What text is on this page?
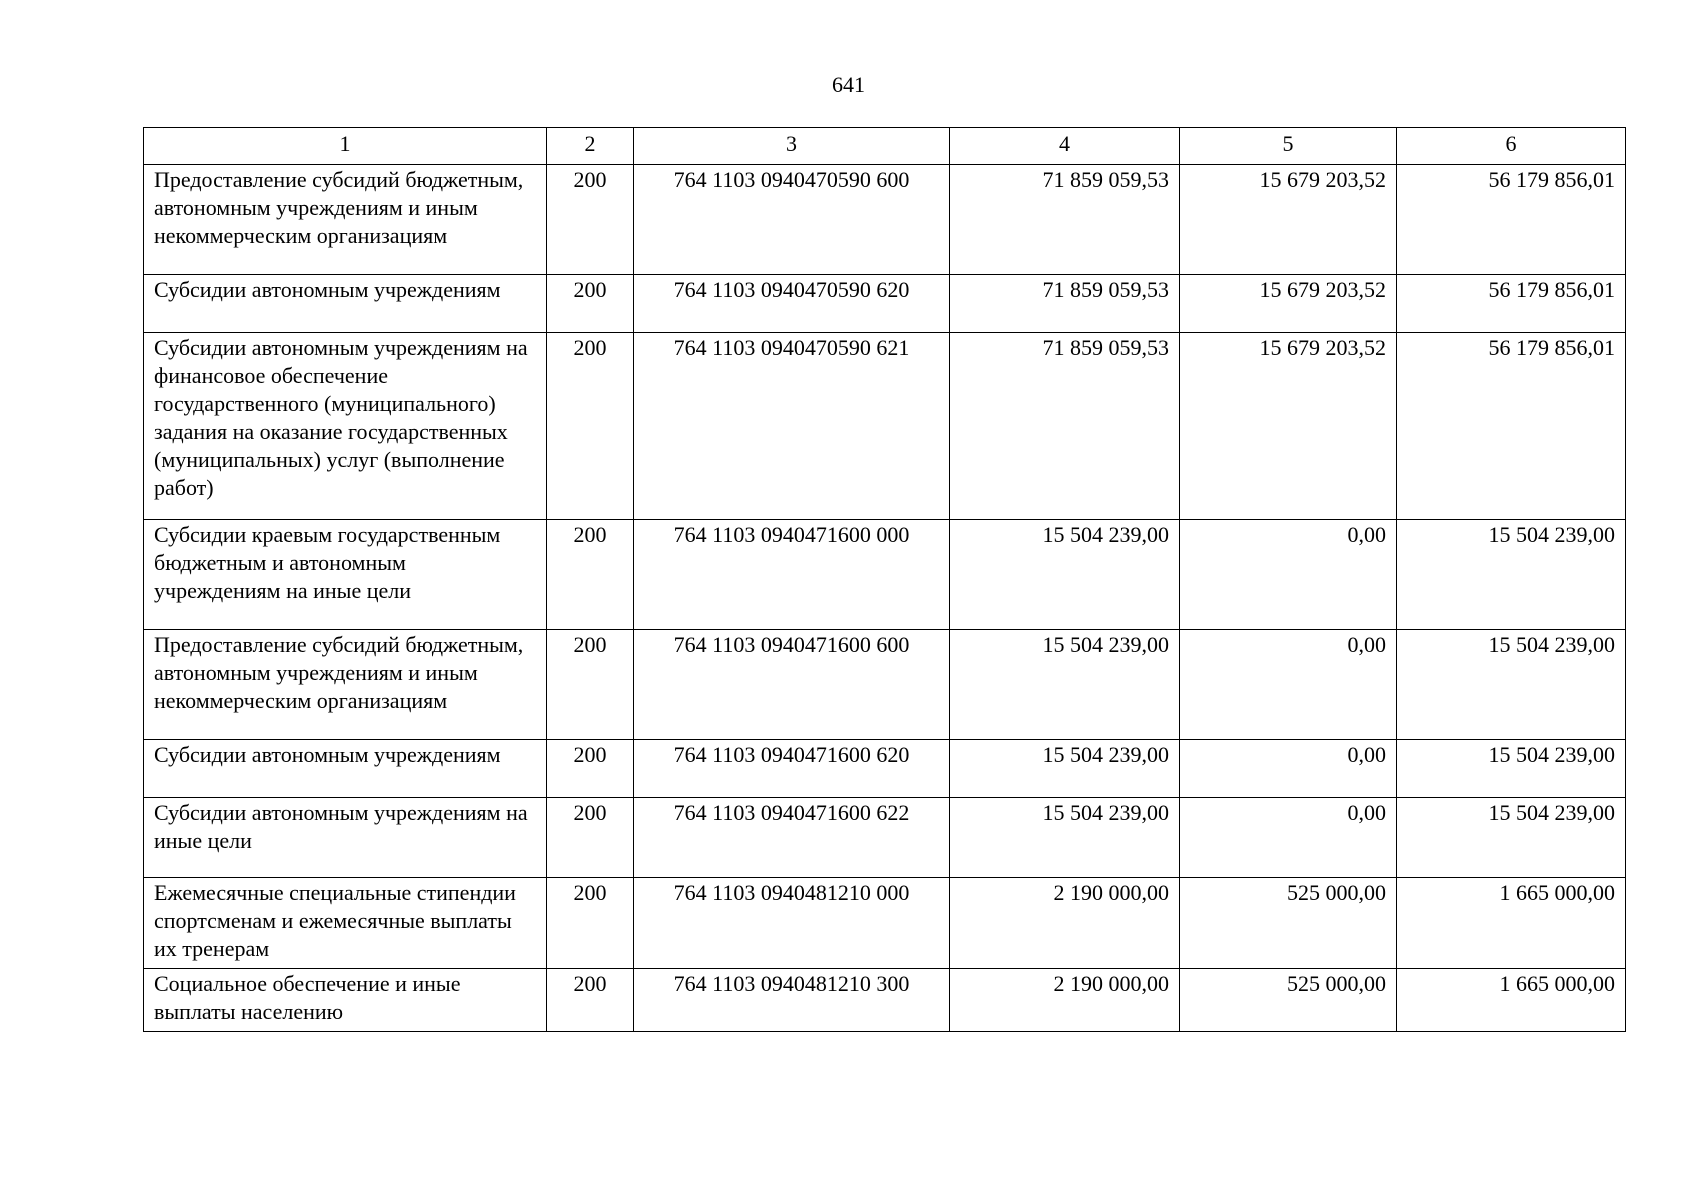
641
1	2	3	4	5	6
Предоставление субсидий бюджетным, автономным учреждениям и иным некоммерческим организациям	200	764 1103 0940470590 600	71 859 059,53	15 679 203,52	56 179 856,01
Субсидии автономным учреждениям	200	764 1103 0940470590 620	71 859 059,53	15 679 203,52	56 179 856,01
Субсидии автономным учреждениям на финансовое обеспечение государственного (муниципального) задания на оказание государственных (муниципальных) услуг (выполнение работ)	200	764 1103 0940470590 621	71 859 059,53	15 679 203,52	56 179 856,01
Субсидии краевым государственным бюджетным и автономным учреждениям на иные цели	200	764 1103 0940471600 000	15 504 239,00	0,00	15 504 239,00
Предоставление субсидий бюджетным, автономным учреждениям и иным некоммерческим организациям	200	764 1103 0940471600 600	15 504 239,00	0,00	15 504 239,00
Субсидии автономным учреждениям	200	764 1103 0940471600 620	15 504 239,00	0,00	15 504 239,00
Субсидии автономным учреждениям на иные цели	200	764 1103 0940471600 622	15 504 239,00	0,00	15 504 239,00
Ежемесячные специальные стипендии спортсменам и ежемесячные выплаты их тренерам	200	764 1103 0940481210 000	2 190 000,00	525 000,00	1 665 000,00
Социальное обеспечение и иные выплаты населению	200	764 1103 0940481210 300	2 190 000,00	525 000,00	1 665 000,00
